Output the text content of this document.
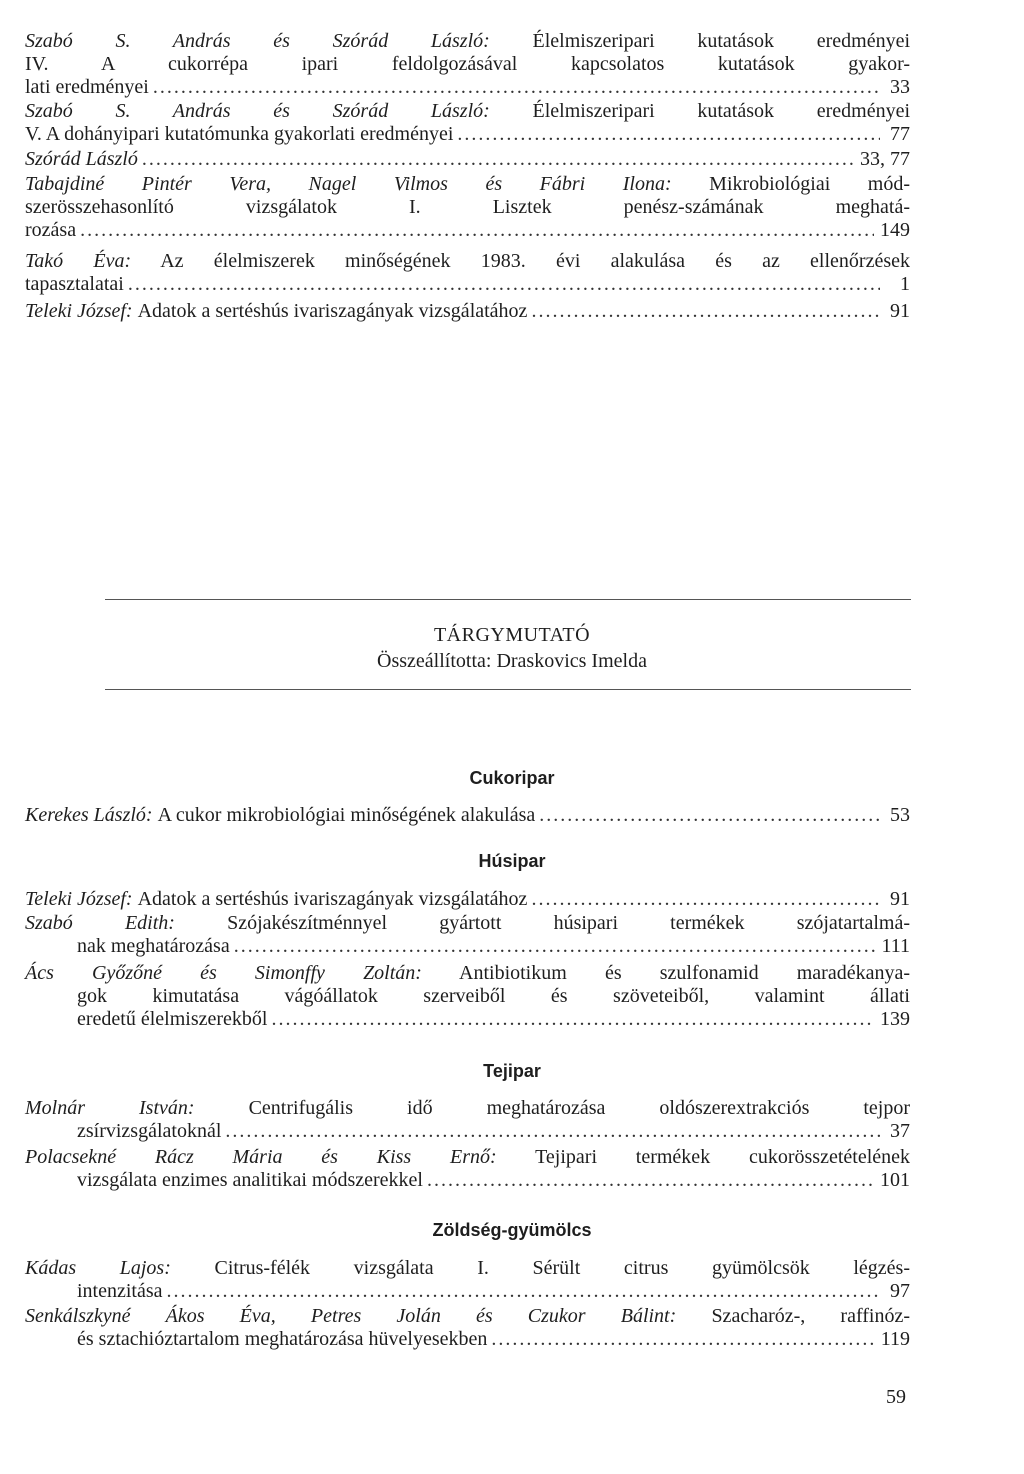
Szabó S. András és Szórád László: Élelmiszeripari kutatások eredményei
IV. A cukorrépa ipari feldolgozásával kapcsolatos kutatások gyakor-
lati eredményei .....	33
Szabó S. András és Szórád László: Élelmiszeripari kutatások eredményei
V. A dohányipari kutatómunka gyakorlati eredményei .....	77
Szórád László .....	33, 77
Tabajdiné Pintér Vera, Nagel Vilmos és Fábri Ilona: Mikrobiológiai mód-
szerösszehasonlító vizsgálatok I. Lisztek penész-számának meghatá-
rozása .....	149
Takó Éva: Az élelmiszerek minőségének 1983. évi alakulása és az ellenőrzések
tapasztalatai .....	1
Teleki József:
Adatok a sertéshús ivariszagányak vizsgálatához .....	91
TÁRGYMUTATÓ
Összeállította: Draskovics Imelda
Cukoripar
Kerekes László:
A cukor mikrobiológiai minőségének alakulása .....	53
Húsipar
Teleki József:
Adatok a sertéshús ivariszagányak vizsgálatához .....	91
Szabó Edith:	Szójakészítménnyel gyártott húsipari termékek szójatartalmá-
nak meghatározása .....	111
Ács Győzőné és Simonffy Zoltán: Antibiotikum és szulfonamid maradékanya-
gok kimutatása vágóállatok szerveiből és szöveteiből, valamint állati
eredetű élelmiszerekből .....	139
Tejipar
Molnár István:	Centrifugális idő meghatározása oldószerextrakciós tejpor
zsírvizsgálatoknál .....	37
Polacsekné Rácz Mária és Kiss Ernő: Tejipari termékek cukorösszetételének
vizsgálata enzimes analitikai módszerekkel .....	101
Zöldség-gyümölcs
Kádas Lajos: Citrus-félék vizsgálata I. Sérült citrus gyümölcsök légzés-
intenzitása .....	97
Senkálszkyné Ákos Éva, Petres Jolán és Czukor Bálint: Szacharóz-, raffinóz-
és sztachióztartalom meghatározása hüvelyesekben .....	119
59
